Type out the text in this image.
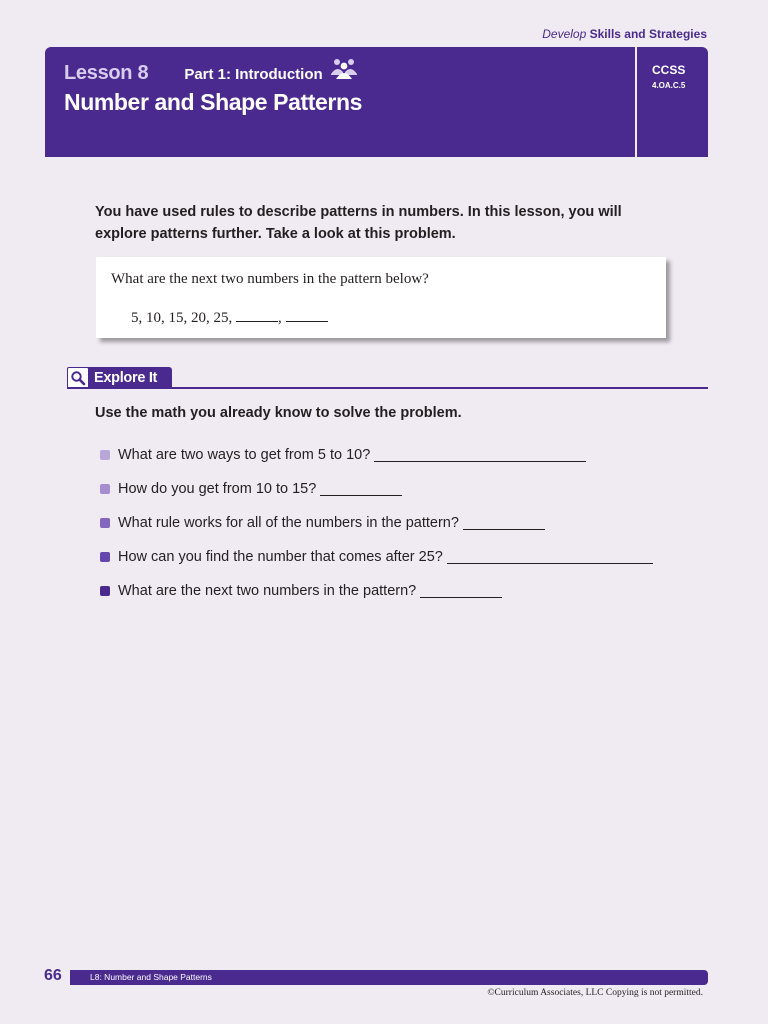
Develop Skills and Strategies
Lesson 8 Part 1: Introduction
Number and Shape Patterns
CCSS
4.OA.C.5

You have used rules to describe patterns in numbers. In this lesson, you will explore patterns further. Take a look at this problem.

What are the next two numbers in the pattern below?
5, 10, 15, 20, 25,	,
Explore It
Use the math you already know to solve the problem.
What are two ways to get from 5 to 10?
How do you get from 10 to 15?
What rule works for all of the numbers in the pattern?
How can you find the number that comes after 25?
What are the next two numbers in the pattern?
66	L8: Number and Shape Patterns
©Curriculum Associates, LLC Copying is not permitted.
